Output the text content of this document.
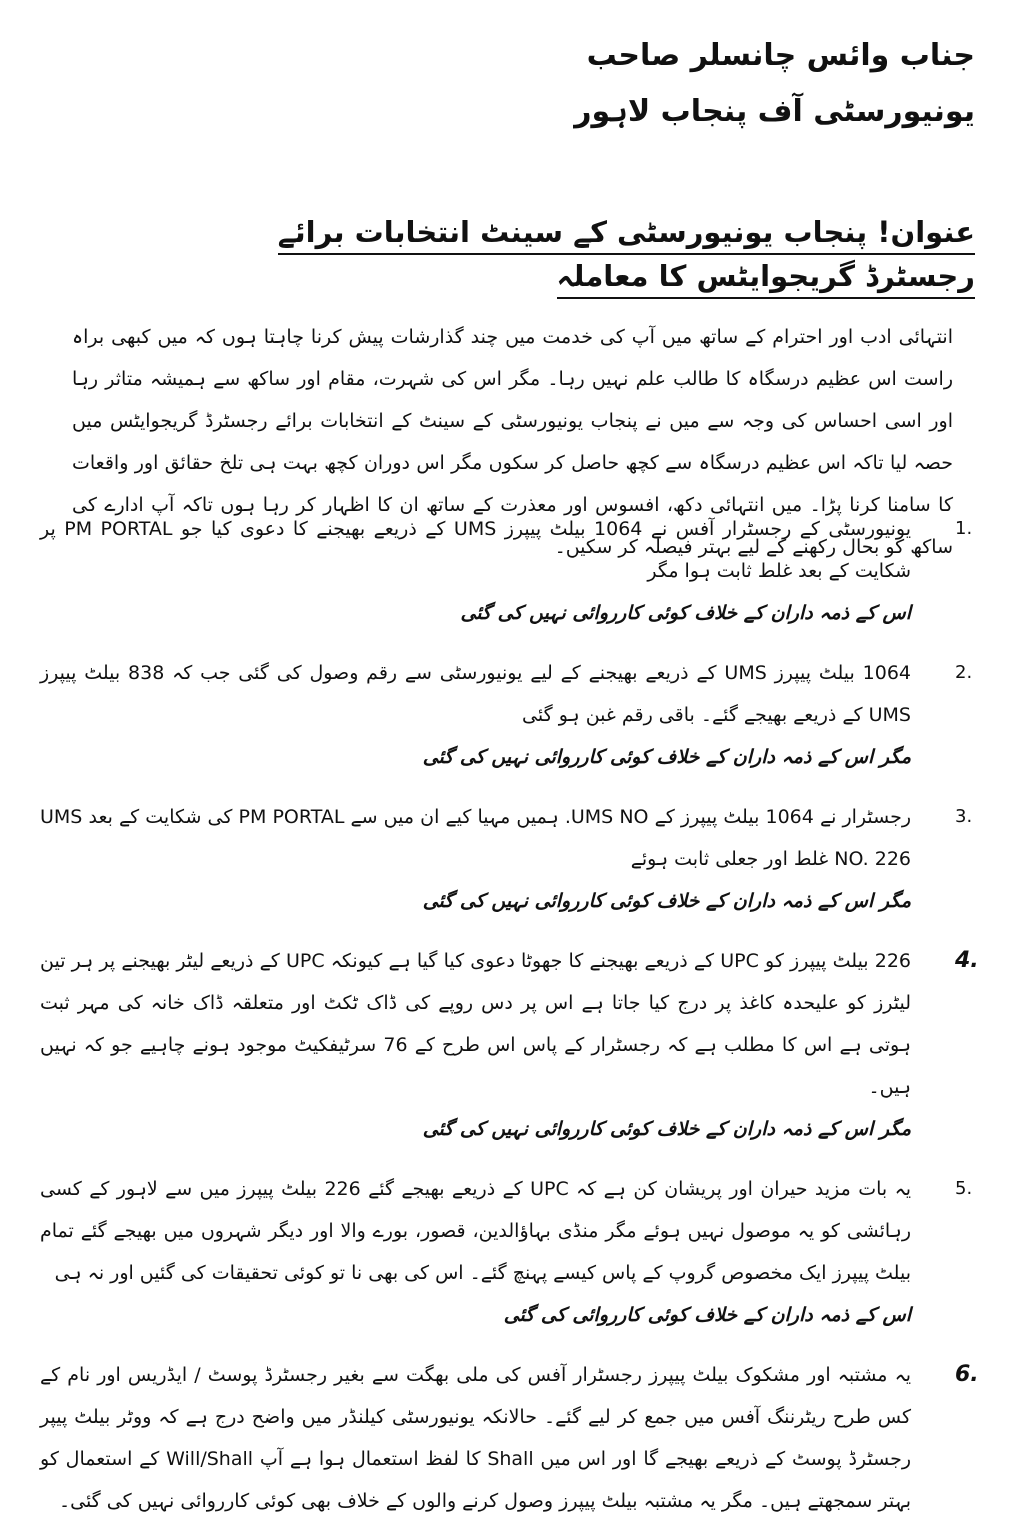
جناب وائس چانسلر صاحب
یونیورسٹی آف پنجاب لاہور
عنوان! پنجاب یونیورسٹی کے سینٹ انتخابات برائے رجسٹرڈ گریجوایٹس کا معاملہ
انتہائی ادب اور احترام کے ساتھ میں آپ کی خدمت میں چند گذارشات پیش کرنا چاہتا ہوں کہ میں کبھی براہ راست اس عظیم درسگاہ کا طالب علم نہیں رہا۔ مگر اس کی شہرت، مقام اور ساکھ سے ہمیشہ متاثر رہا اور اسی احساس کی وجہ سے میں نے پنجاب یونیورسٹی کے سینٹ کے انتخابات برائے رجسٹرڈ گریجوایٹس میں حصہ لیا تاکہ اس عظیم درسگاہ سے کچھ حاصل کر سکوں مگر اس دوران کچھ بہت ہی تلخ حقائق اور واقعات کا سامنا کرنا پڑا۔ میں انتہائی دکھ، افسوس اور معذرت کے ساتھ ان کا اظہار کر رہا ہوں تاکہ آپ ادارے کی ساکھ کو بحال رکھنے کے لیے بہتر فیصلہ کر سکیں۔
1.
یونیورسٹی کے رجسٹرار آفس نے 1064 بیلٹ پیپرز UMS کے ذریعے بھیجنے کا دعوی کیا جو PM PORTAL پر شکایت کے بعد غلط ثابت ہوا مگر
اس کے ذمہ داران کے خلاف کوئی کارروائی نہیں کی گئی
2.
1064 بیلٹ پیپرز UMS کے ذریعے بھیجنے کے لیے یونیورسٹی سے رقم وصول کی گئی جب کہ 838 بیلٹ پیپرز UMS کے ذریعے بھیجے گئے۔ باقی رقم غبن ہو گئی
مگر اس کے ذمہ داران کے خلاف کوئی کارروائی نہیں کی گئی
3.
رجسٹرار نے 1064 بیلٹ پیپرز کے UMS NO. ہمیں مہیا کیے ان میں سے PM PORTAL کی شکایت کے بعد UMS NO. 226 غلط اور جعلی ثابت ہوئے
مگر اس کے ذمہ داران کے خلاف کوئی کارروائی نہیں کی گئی
4.
226 بیلٹ پیپرز کو UPC کے ذریعے بھیجنے کا جھوٹا دعوی کیا گیا ہے کیونکہ UPC کے ذریعے لیٹر بھیجنے پر ہر تین لیٹرز کو علیحدہ کاغذ پر درج کیا جاتا ہے اس پر دس روپے کی ڈاک ٹکٹ اور متعلقہ ڈاک خانہ کی مہر ثبت ہوتی ہے اس کا مطلب ہے کہ رجسٹرار کے پاس اس طرح کے 76 سرٹیفکیٹ موجود ہونے چاہیے جو کہ نہیں ہیں۔
مگر اس کے ذمہ داران کے خلاف کوئی کارروائی نہیں کی گئی
5.
یہ بات مزید حیران اور پریشان کن ہے کہ UPC کے ذریعے بھیجے گئے 226 بیلٹ پیپرز میں سے لاہور کے کسی رہائشی کو یہ موصول نہیں ہوئے مگر منڈی بہاؤالدین، قصور، بورے والا اور دیگر شہروں میں بھیجے گئے تمام بیلٹ پیپرز ایک مخصوص گروپ کے پاس کیسے پہنچ گئے۔ اس کی بھی نا تو کوئی تحقیقات کی گئیں اور نہ ہی
اس کے ذمہ داران کے خلاف کوئی کارروائی کی گئی
6.
یہ مشتبہ اور مشکوک بیلٹ پیپرز رجسٹرار آفس کی ملی بھگت سے بغیر رجسٹرڈ پوسٹ / ایڈریس اور نام کے کس طرح ریٹرننگ آفس میں جمع کر لیے گئے۔ حالانکہ یونیورسٹی کیلنڈر میں واضح درج ہے کہ ووٹر بیلٹ پیپر رجسٹرڈ پوسٹ کے ذریعے بھیجے گا اور اس میں Shall کا لفظ استعمال ہوا ہے آپ Will/Shall کے استعمال کو بہتر سمجھتے ہیں۔ مگر یہ مشتبہ بیلٹ پیپرز وصول کرنے والوں کے خلاف بھی کوئی کارروائی نہیں کی گئی۔
